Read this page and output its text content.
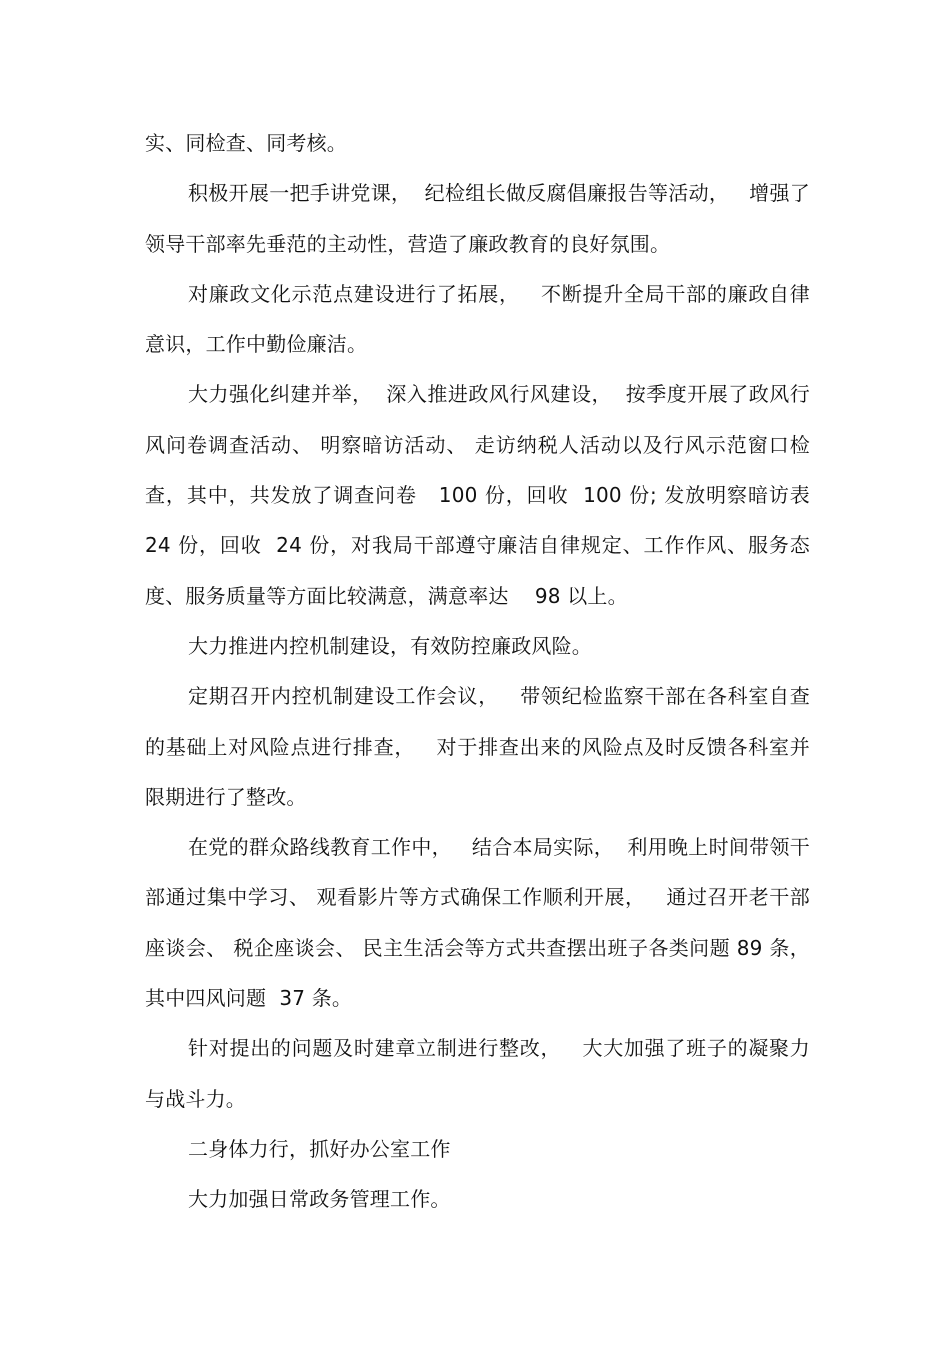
实、同检查、同考核。

积极开展一把手讲党课，  纪检组长做反腐倡廉报告等活动，   增强了领导干部率先垂范的主动性，营造了廉政教育的良好氛围。

对廉政文化示范点建设进行了拓展，   不断提升全局干部的廉政自律意识，工作中勤俭廉洁。

大力强化纠建并举，  深入推进政风行风建设，  按季度开展了政风行风问卷调查活动、 明察暗访活动、 走访纳税人活动以及行风示范窗口检查，其中，共发放了调查问卷   100 份，回收  100 份; 发放明察暗访表  24 份，回收  24 份，对我局干部遵守廉洁自律规定、工作作风、服务态度、服务质量等方面比较满意，满意率达    98 以上。

大力推进内控机制建设，有效防控廉政风险。

定期召开内控机制建设工作会议，   带领纪检监察干部在各科室自查的基础上对风险点进行排查，   对于排查出来的风险点及时反馈各科室并限期进行了整改。

在党的群众路线教育工作中，   结合本局实际，  利用晚上时间带领干部通过集中学习、 观看影片等方式确保工作顺利开展，   通过召开老干部座谈会、 税企座谈会、 民主生活会等方式共查摆出班子各类问题 89 条，其中四风问题  37 条。

针对提出的问题及时建章立制进行整改，   大大加强了班子的凝聚力与战斗力。

二身体力行，抓好办公室工作

大力加强日常政务管理工作。
